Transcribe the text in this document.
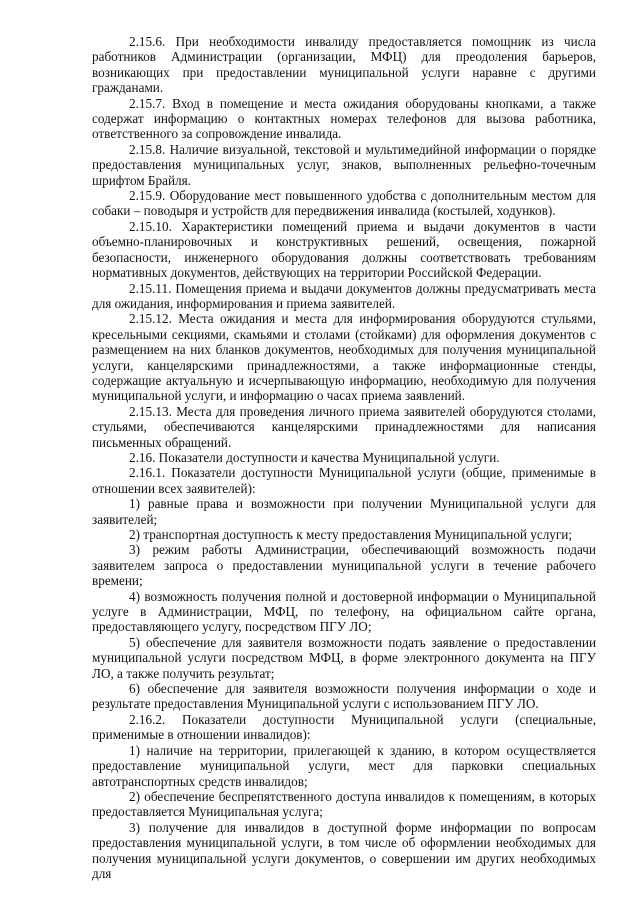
2.15.6. При необходимости инвалиду предоставляется помощник из числа работников Администрации (организации, МФЦ) для преодоления барьеров, возникающих при предоставлении муниципальной услуги наравне с другими гражданами.

2.15.7. Вход в помещение и места ожидания оборудованы кнопками, а также содержат информацию о контактных номерах телефонов для вызова работника, ответственного за сопровождение инвалида.

2.15.8. Наличие визуальной, текстовой и мультимедийной информации о порядке предоставления муниципальных услуг, знаков, выполненных рельефно-точечным шрифтом Брайля.

2.15.9. Оборудование мест повышенного удобства с дополнительным местом для собаки – поводыря и устройств для передвижения инвалида (костылей, ходунков).

2.15.10. Характеристики помещений приема и выдачи документов в части объемно-планировочных и конструктивных решений, освещения, пожарной безопасности, инженерного оборудования должны соответствовать требованиям нормативных документов, действующих на территории Российской Федерации.

2.15.11. Помещения приема и выдачи документов должны предусматривать места для ожидания, информирования и приема заявителей.

2.15.12. Места ожидания и места для информирования оборудуются стульями, кресельными секциями, скамьями и столами (стойками) для оформления документов с размещением на них бланков документов, необходимых для получения муниципальной услуги, канцелярскими принадлежностями, а также информационные стенды, содержащие актуальную и исчерпывающую информацию, необходимую для получения муниципальной услуги, и информацию о часах приема заявлений.

2.15.13. Места для проведения личного приема заявителей оборудуются столами, стульями, обеспечиваются канцелярскими принадлежностями для написания письменных обращений.

2.16. Показатели доступности и качества Муниципальной услуги.

2.16.1. Показатели доступности Муниципальной услуги (общие, применимые в отношении всех заявителей):

1) равные права и возможности при получении Муниципальной услуги для заявителей;

2) транспортная доступность к месту предоставления Муниципальной услуги;

3) режим работы Администрации, обеспечивающий возможность подачи заявителем запроса о предоставлении муниципальной услуги в течение рабочего времени;

4) возможность получения полной и достоверной информации о Муниципальной услуге в Администрации, МФЦ, по телефону, на официальном сайте органа, предоставляющего услугу, посредством ПГУ ЛО;

5) обеспечение для заявителя возможности подать заявление о предоставлении муниципальной услуги посредством МФЦ, в форме электронного документа на ПГУ ЛО, а также получить результат;

6) обеспечение для заявителя возможности получения информации о ходе и результате предоставления Муниципальной услуги с использованием ПГУ ЛО.

2.16.2. Показатели доступности Муниципальной услуги (специальные, применимые в отношении инвалидов):

1) наличие на территории, прилегающей к зданию, в котором осуществляется предоставление муниципальной услуги, мест для парковки специальных автотранспортных средств инвалидов;

2) обеспечение беспрепятственного доступа инвалидов к помещениям, в которых предоставляется Муниципальная услуга;

3) получение для инвалидов в доступной форме информации по вопросам предоставления муниципальной услуги, в том числе об оформлении необходимых для получения муниципальной услуги документов, о совершении им других необходимых для
